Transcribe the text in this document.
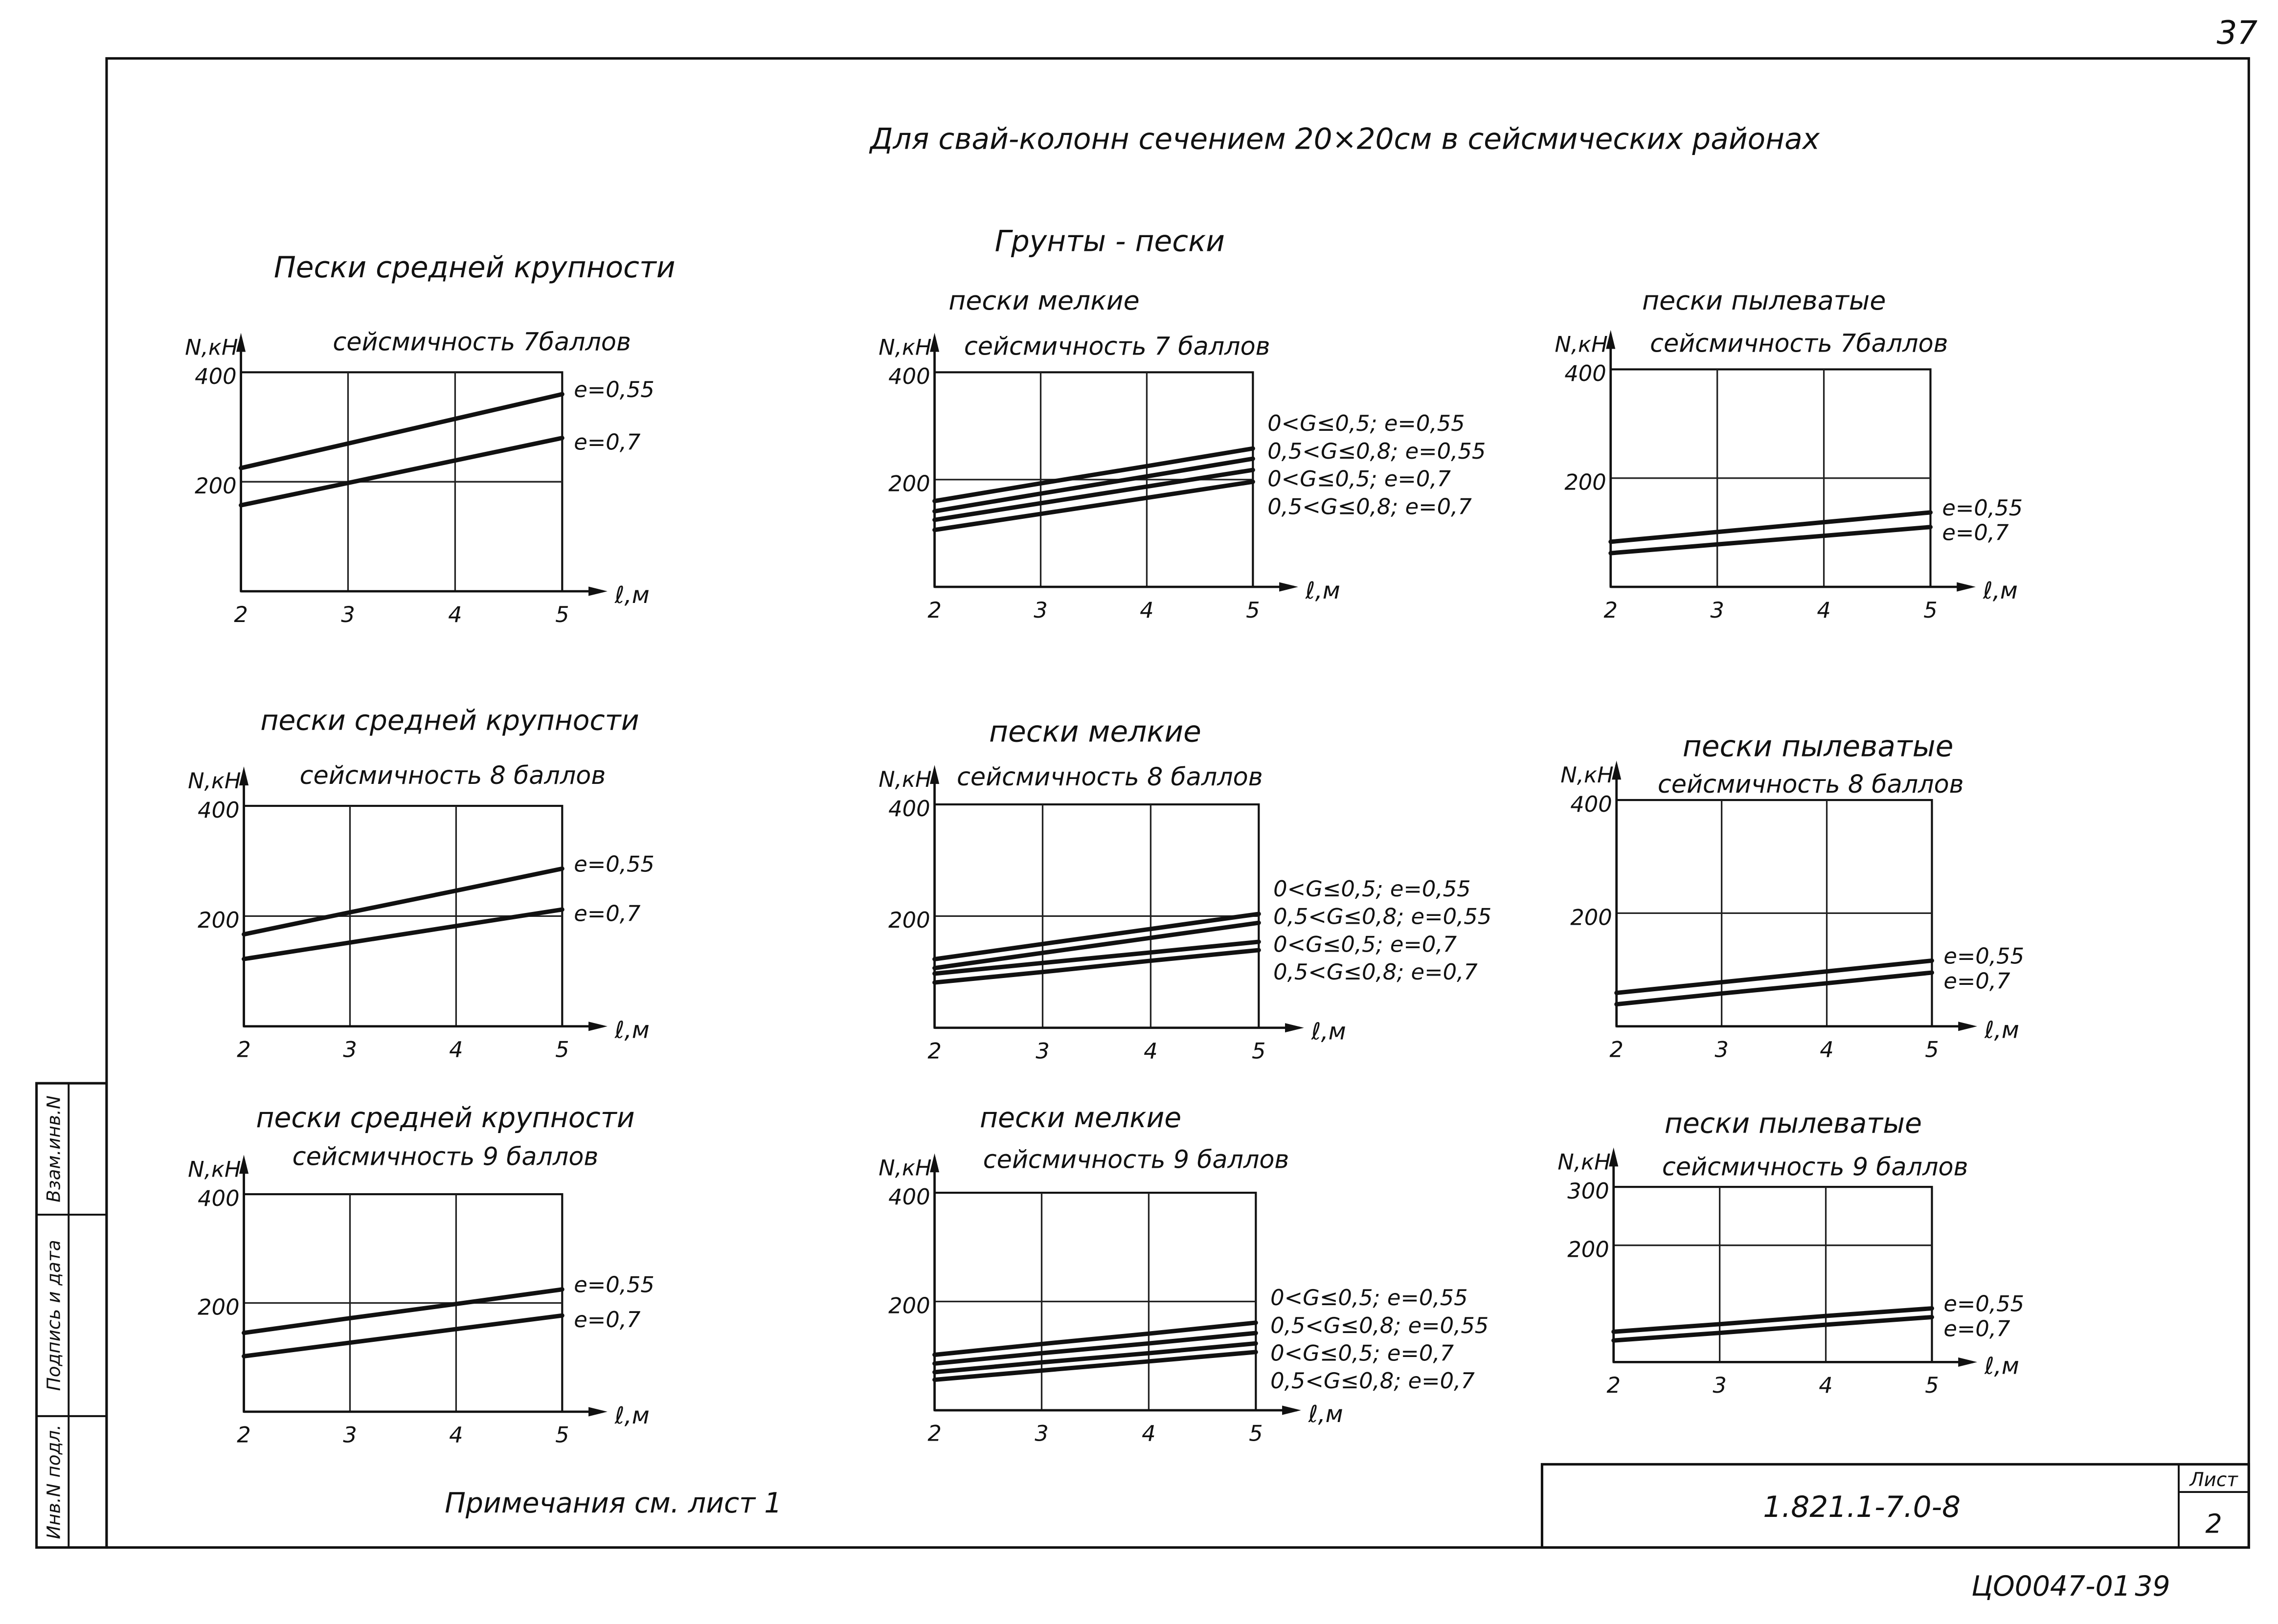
37
Взам.инв.N
Подпись и дата
Инв.N подл.
Для свай-колонн сечением 20×20см в сейсмических районах
Грунты - пески
Пески средней крупности
сейсмичность 7баллов
N,кН
ℓ,м
400
200
2	3	4	5
e=0,55
e=0,7
пески мелкие
сейсмичность 7 баллов
N,кН
ℓ,м
400
200
2	3	4	5
0<G≤0,5; e=0,55
0,5<G≤0,8; e=0,55
0<G≤0,5; e=0,7
0,5<G≤0,8; e=0,7
пески пылеватые
сейсмичность 7баллов
N,кН
ℓ,м
400
200
2	3	4	5
e=0,55
e=0,7
пески средней крупности
сейсмичность 8 баллов
N,кН
ℓ,м
400
200
2	3	4	5
e=0,55
e=0,7
пески мелкие
сейсмичность 8 баллов
N,кН
ℓ,м
400
200
2	3	4	5
0<G≤0,5; e=0,55
0,5<G≤0,8; e=0,55
0<G≤0,5; e=0,7
0,5<G≤0,8; e=0,7
пески пылеватые
сейсмичность 8 баллов
N,кН
ℓ,м
400
200
2	3	4	5
e=0,55
e=0,7
пески средней крупности
сейсмичность 9 баллов
N,кН
ℓ,м
400
200
2	3	4	5
e=0,55
e=0,7
пески мелкие
сейсмичность 9 баллов
N,кН
ℓ,м
400
200
2	3	4	5
0<G≤0,5; e=0,55
0,5<G≤0,8; e=0,55
0<G≤0,5; e=0,7
0,5<G≤0,8; e=0,7
пески пылеватые
сейсмичность 9 баллов
N,кН
ℓ,м
300
200
2	3	4	5
e=0,55
e=0,7
Примечания см. лист 1	1.821.1-7.0-8
Лист
2
ЦО0047-01 39
